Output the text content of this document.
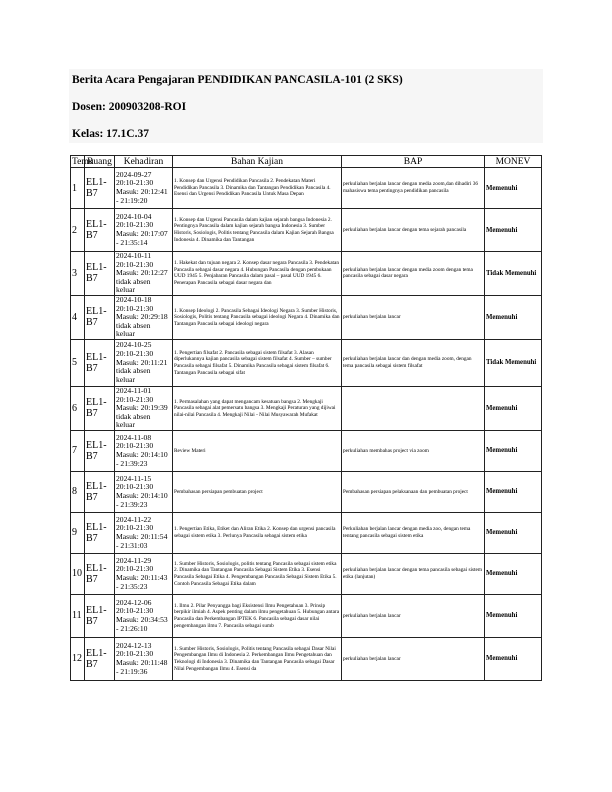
Berita Acara Pengajaran PENDIDIKAN PANCASILA-101 (2 SKS)
Dosen: 200903208-ROI
Kelas: 17.1C.37
Temu	Ruang	Kehadiran	Bahan Kajian	BAP	MONEV
1	EL1-B7	2024-09-27 20:10-21:30 Masuk: 20:12:41 - 21:19:20	1. Konsep dan Urgensi Pendidikan Pancasila 2. Pendekatan Materi Pendidikan Pancasila 3. Dinamika dan Tantangan Pendidikan Pancasila 4. Esensi dan Urgensi Pendidikan Pancasila Untuk Masa Depan	perkuliahan berjalan lancar dengan media zoom,dan dihadiri 36 mahasiswa tema pentingnya pendidikan pancasila	Memenuhi
2	EL1-B7	2024-10-04 20:10-21:30 Masuk: 20:17:07 - 21:35:14	1. Konsep dan Urgensi Pancasila dalam kajian sejarah bangsa Indonesia 2. Pentingnya Pancasila dalam kajian sejarah bangsa Indonesia 3. Sumber Historis, Sosiologis, Politis tentang Pancasila dalam Kajian Sejarah Bangsa Indonesia 4. Dinamika dan Tantangan	perkuliahan berjalan lancar dengan tema sejarah pancasila	Memenuhi
3	EL1-B7	2024-10-11 20:10-21:30 Masuk: 20:12:27 tidak absen keluar	1. Hakekat dan tujuan negara 2. Konsep dasar negara Pancasila 3. Pendekatan Pancasila sebagai dasar negara 4. Hubungan Pancasila dengan pembukaan UUD 1945 5. Penjabaran Pancasila dalam pasal – pasal UUD 1945 6. Penerapan Pancasila sebagai dasar negara dan	perkuliahan berjalan lancar dengan media zoom dengan tema pancasila sebagai dasar negara	Tidak Memenuhi
4	EL1-B7	2024-10-18 20:10-21:30 Masuk: 20:29:18 tidak absen keluar	1. Konsep Ideologi 2. Pancasila Sebagai Ideologi Negara 3. Sumber Historis, Sosiologis, Politis tentang Pancasila sebagai ideologi Negara 4. Dinamika dan Tantangan Pancasila sebagai ideologi negara	perkuliahan berjalan lancar	Memenuhi
5	EL1-B7	2024-10-25 20:10-21:30 Masuk: 20:11:21 tidak absen keluar	1. Pengertian filsafat 2. Pancasila sebagai sistem filsafat 3. Alasan diperlukannya kajian pancasila sebagai sistem filsafat 4. Sumber – sumber Pancasila sebagai filsafat 5. Dinamika Pancasila sebagai sistem filsafat 6. Tantangan Pancasila sebagai sifat	perkuliahan berjalan lancar dan dengan media zoom, dengan tema pancasila sebagai sistem filsafat	Tidak Memenuhi
6	EL1-B7	2024-11-01 20:10-21:30 Masuk: 20:19:39 tidak absen keluar	1. Permasalahan yang dapat mengancam kesatuan bangsa 2. Mengkaji Pancasila sebagai alat pemersatu bangsa 3. Mengkaji Peraturan yang dijiwai nilai-nilai Pancasila 4. Mengkaji Nilai - Nilai Musyawarah Mufakat		Memenuhi
7	EL1-B7	2024-11-08 20:10-21:30 Masuk: 20:14:10 - 21:39:23	Review Materi	perkuliahan membahas project via zoom	Memenuhi
8	EL1-B7	2024-11-15 20:10-21:30 Masuk: 20:14:10 - 21:39:23	Pembahasan persiapan pembuatan project	Pembahasan persiapan pelaksanaan dan pembuatan project	Memenuhi
9	EL1-B7	2024-11-22 20:10-21:30 Masuk: 20:11:54 - 21:31:03	1. Pengertian Etika, Etiket dan Aliran Etika 2. Konsep dan urgensi pancasila sebagai sistem etika 3. Perlunya Pancasila sebagai sistem etika	Perkuliahan berjalan lancar dengan media zoo, dengan tema tentang pancasila sebagai sistem etika	Memenuhi
10	EL1-B7	2024-11-29 20:10-21:30 Masuk: 20:11:43 - 21:35:23	1. Sumber Historis, Sosiologis, politis tentang Pancasila sebagai sistem etika 2. Dinamika dan Tantangan Pancasila Sebagai Sistem Etika 3. Esensi Pancasila Sebagai Etika 4. Pengembangan Pancasila Sebagai Sistem Etika 5. Contoh Pancasila Sebagai Etika dalam	perkuliahan berjalan lancar dengan tema pancasila sebagai sistem etika (lanjutan)	Memenuhi
11	EL1-B7	2024-12-06 20:10-21:30 Masuk: 20:34:53 - 21:26:10	1. Ilmu 2. Pilar Penyangga bagi Eksistensi Ilmu Pengetahuan 3. Prinsip berpikir ilmiah 4. Aspek penting dalam ilmu pengetahuan 5. Hubungan antara Pancasila dan Perkembangan IPTEK 6. Pancasila sebagai dasar nilai pengembangan ilmu 7. Pancasila sebagai sumb	perkuliahan berjalan lancar	Memenuhi
12	EL1-B7	2024-12-13 20:10-21:30 Masuk: 20:11:48 - 21:19:36	1. Sumber Historis, Sosiologis, Politis tentang Pancasila sebagai Dasar Nilai Pengembangan Ilmu di Indonesia 2. Perkembangan Ilmu Pengetahuan dan Teknologi di Indonesia 3. Dinamika dan Tantangan Pancasila sebagai Dasar Nilai Pengembangan Ilmu 4. Esensi da	perkuliahan berjalan lancar	Memenuhi
